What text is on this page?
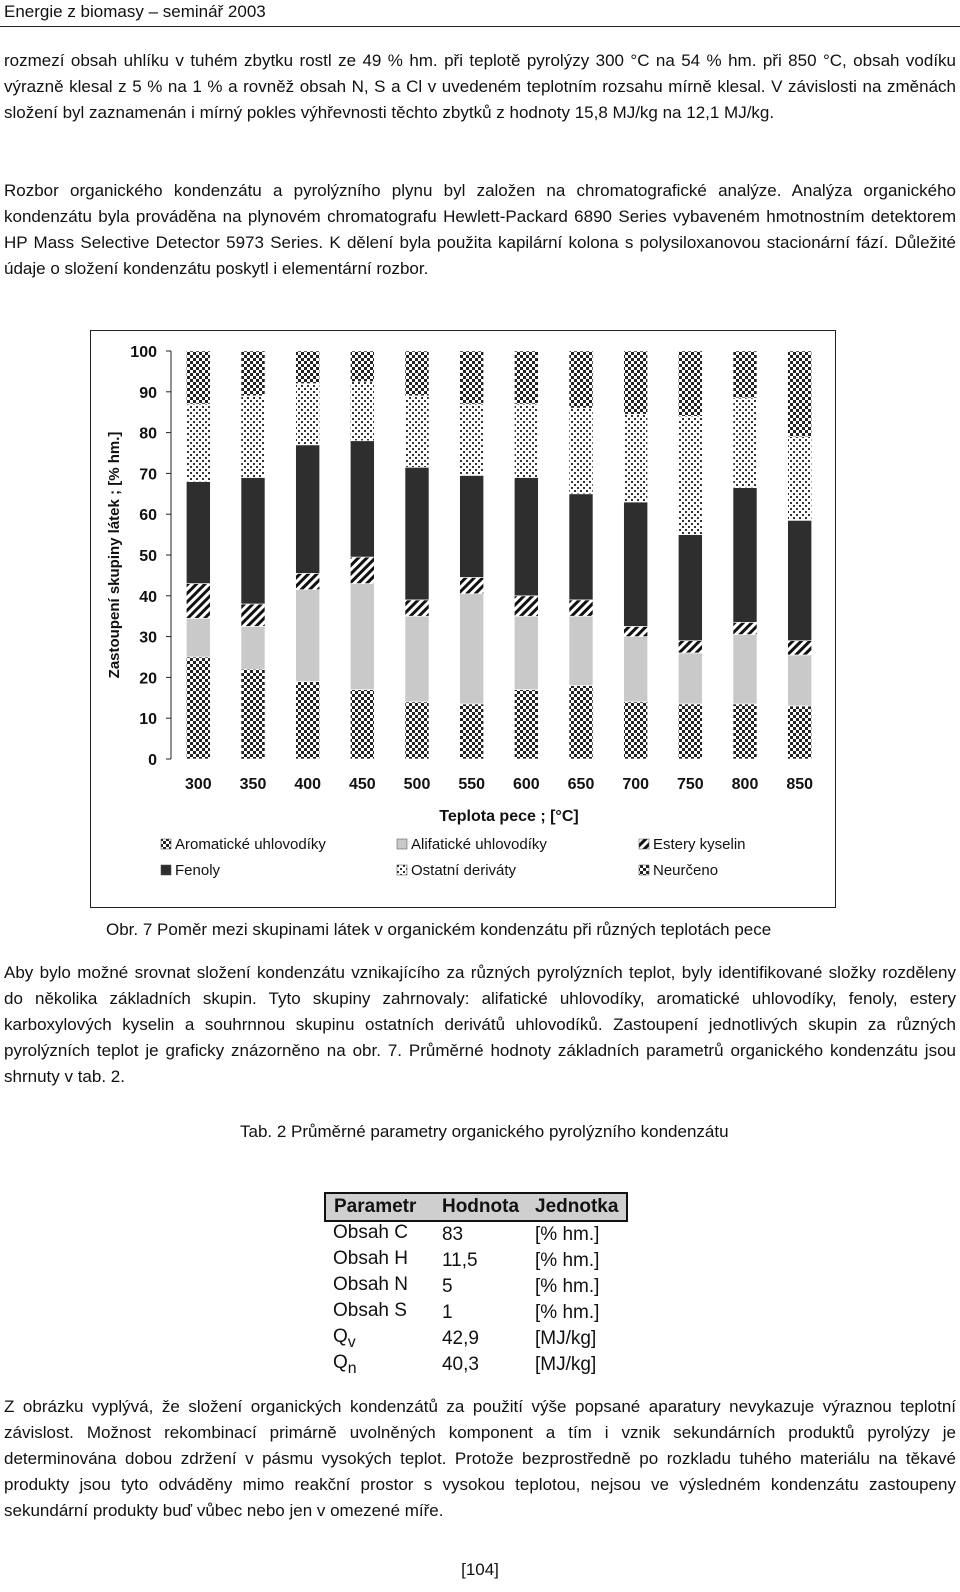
Energie z biomasy – seminář 2003

rozmezí obsah uhlíku v tuhém zbytku rostl ze 49 % hm. při teplotě pyrolýzy 300 °C na 54 % hm. při 850 °C, obsah vodíku výrazně klesal z 5 % na 1 % a rovněž obsah N, S a Cl v uvedeném teplotním rozsahu mírně klesal. V závislosti na změnách složení byl zaznamenán i mírný pokles výhřevnosti těchto zbytků z hodnoty 15,8 MJ/kg na 12,1 MJ/kg.

Rozbor organického kondenzátu a pyrolýzního plynu byl založen na chromatografické analýze. Analýza organického kondenzátu byla prováděna na plynovém chromatografu Hewlett-Packard 6890 Series vybaveném hmotnostním detektorem HP Mass Selective Detector 5973 Series. K dělení byla použita kapilární kolona s polysiloxanovou stacionární fází. Důležité údaje o složení kondenzátu poskytl i elementární rozbor.

0
10
20
30
40
50
60
70
80
90
100
Zastoupení skupiny látek ; [% hm.]
300 350 400 450 500 550 600 650 700 750 800 850
Teplota pece ; [°C]
Aromatické uhlovodíky	Alifatické uhlovodíky	Estery kyselin
Fenoly	Ostatní deriváty	Neurčeno
Obr. 7 Poměr mezi skupinami látek v organickém kondenzátu při různých teplotách pece

Aby bylo možné srovnat složení kondenzátu vznikajícího za různých pyrolýzních teplot, byly identifikované složky rozděleny do několika základních skupin. Tyto skupiny zahrnovaly: alifatické uhlovodíky, aromatické uhlovodíky, fenoly, estery karboxylových kyselin a souhrnnou skupinu ostatních derivátů uhlovodíků. Zastoupení jednotlivých skupin za různých pyrolýzních teplot je graficky znázorněno na obr. 7. Průměrné hodnoty základních parametrů organického kondenzátu jsou shrnuty v tab. 2.

Tab. 2 Průměrné parametry organického pyrolýzního kondenzátu
Parametr	Hodnota	Jednotka
Obsah C	83	[% hm.]
Obsah H	11,5	[% hm.]
Obsah N	5	[% hm.]
Obsah S	1	[% hm.]
$Q_v$	42,9	[MJ/kg]
$Q_n$	40,3	[MJ/kg]

Z obrázku vyplývá, že složení organických kondenzátů za použití výše popsané aparatury nevykazuje výraznou teplotní závislost. Možnost rekombinací primárně uvolněných komponent a tím i vznik sekundárních produktů pyrolýzy je determinována dobou zdržení v pásmu vysokých teplot. Protože bezprostředně po rozkladu tuhého materiálu na těkavé produkty jsou tyto odváděny mimo reakční prostor s vysokou teplotou, nejsou ve výsledném kondenzátu zastoupeny sekundární produkty buď vůbec nebo jen v omezené míře.

[104]
